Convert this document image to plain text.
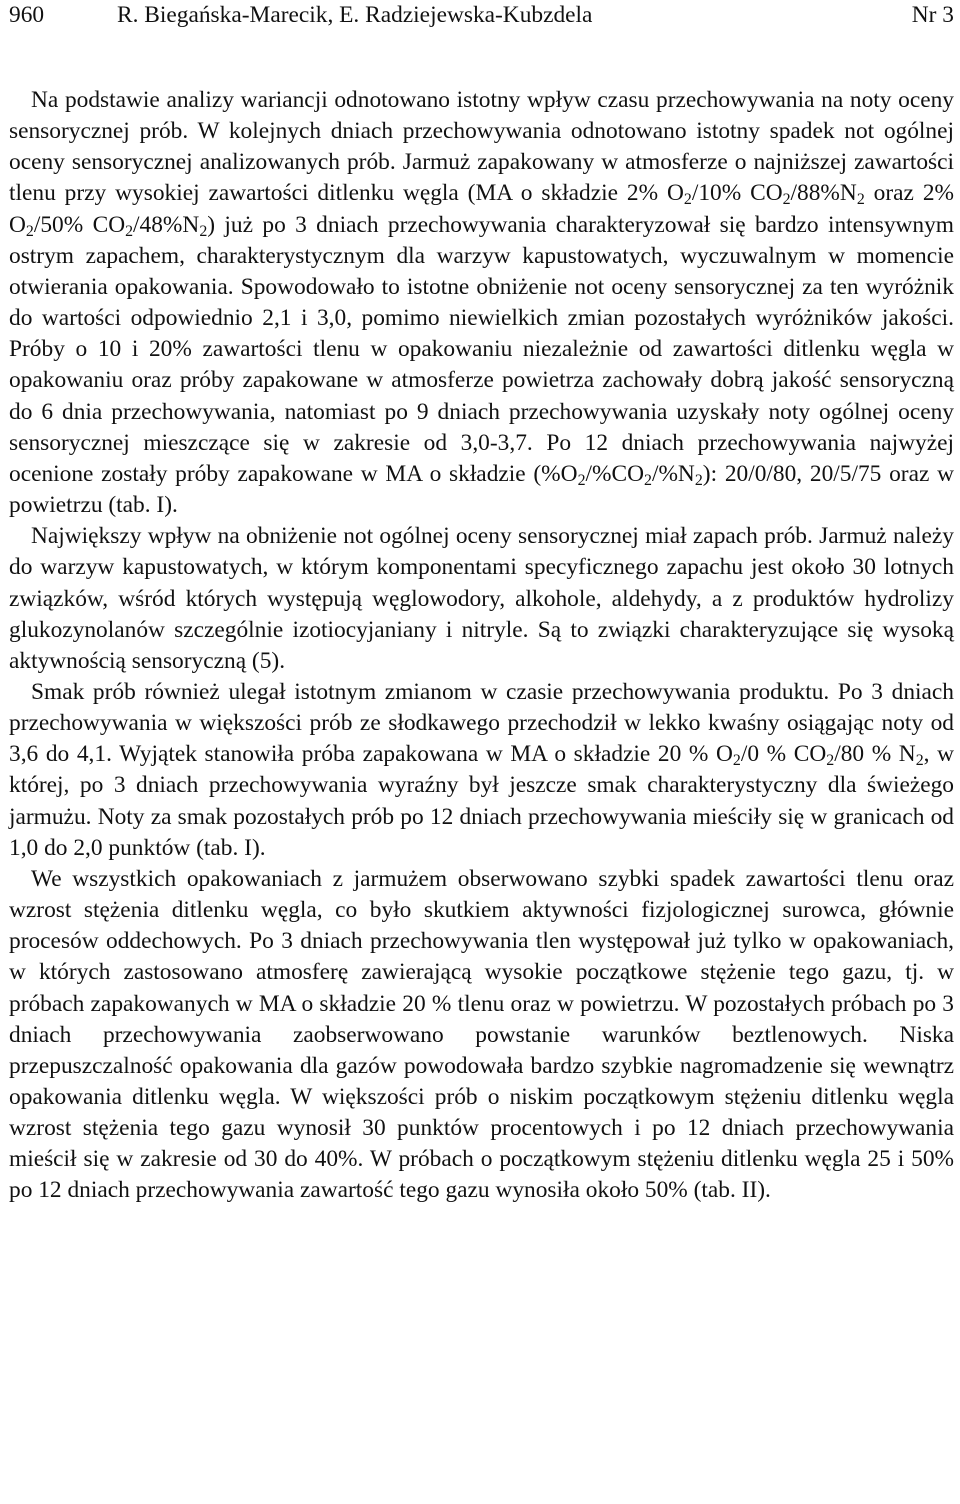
960	R. Biegańska-Marecik, E. Radziejewska-Kubzdela	Nr 3

Na podstawie analizy wariancji odnotowano istotny wpływ czasu przechowywania na noty oceny sensorycznej prób. W kolejnych dniach przechowywania odnotowano istotny spadek not ogólnej oceny sensorycznej analizowanych prób. Jarmuż zapakowany w atmosferze o najniższej zawartości tlenu przy wysokiej zawartości ditlenku węgla (MA o składzie 2% $O_2/10\%$ $CO_2/88\%N_2$ oraz 2% $O_2/50\%$ $CO_2/48\%N_2$) już po 3 dniach przechowywania charakteryzował się bardzo intensywnym ostrym zapachem, charakterystycznym dla warzyw kapustowatych, wyczuwalnym w momencie otwierania opakowania. Spowodowało to istotne obniżenie not oceny sensorycznej za ten wyróżnik do wartości odpowiednio 2,1 i 3,0, pomimo niewielkich zmian pozostałych wyróżników jakości. Próby o 10 i 20% zawartości tlenu w opakowaniu niezależnie od zawartości ditlenku węgla w opakowaniu oraz próby zapakowane w atmosferze powietrza zachowały dobrą jakość sensoryczną do 6 dnia przechowywania, natomiast po 9 dniach przechowywania uzyskały noty ogólnej oceny sensorycznej mieszczące się w zakresie od 3,0-3,7. Po 12 dniach przechowywania najwyżej ocenione zostały próby zapakowane w MA o składzie $(\%O_2/\%CO_2/\%N_2)$: 20/0/80, 20/5/75 oraz w powietrzu (tab. I).

Największy wpływ na obniżenie not ogólnej oceny sensorycznej miał zapach prób. Jarmuż należy do warzyw kapustowatych, w którym komponentami specyficznego zapachu jest około 30 lotnych związków, wśród których występują węglowodory, alkohole, aldehydy, a z produktów hydrolizy glukozynolanów szczególnie izotiocyjaniany i nitryle. Są to związki charakteryzujące się wysoką aktywnością sensoryczną (5).

Smak prób również ulegał istotnym zmianom w czasie przechowywania produktu. Po 3 dniach przechowywania w większości prób ze słodkawego przechodził w lekko kwaśny osiągając noty od 3,6 do 4,1. Wyjątek stanowiła próba zapakowana w MA o składzie 20 % $O_2/0$ % $CO_2/80$ % $N_2$, w której, po 3 dniach przechowywania wyraźny był jeszcze smak charakterystyczny dla świeżego jarmużu. Noty za smak pozostałych prób po 12 dniach przechowywania mieściły się w granicach od 1,0 do 2,0 punktów (tab. I).

We wszystkich opakowaniach z jarmużem obserwowano szybki spadek zawartości tlenu oraz wzrost stężenia ditlenku węgla, co było skutkiem aktywności fizjologicznej surowca, głównie procesów oddechowych. Po 3 dniach przechowywania tlen występował już tylko w opakowaniach, w których zastosowano atmosferę zawierającą wysokie początkowe stężenie tego gazu, tj. w próbach zapakowanych w MA o składzie 20 % tlenu oraz w powietrzu. W pozostałych próbach po 3 dniach przechowywania zaobserwowano powstanie warunków beztlenowych. Niska przepuszczalność opakowania dla gazów powodowała bardzo szybkie nagromadzenie się wewnątrz opakowania ditlenku węgla. W większości prób o niskim początkowym stężeniu ditlenku węgla wzrost stężenia tego gazu wynosił 30 punktów procentowych i po 12 dniach przechowywania mieścił się w zakresie od 30 do 40%. W próbach o początkowym stężeniu ditlenku węgla 25 i 50% po 12 dniach przechowywania zawartość tego gazu wynosiła około 50% (tab. II).
